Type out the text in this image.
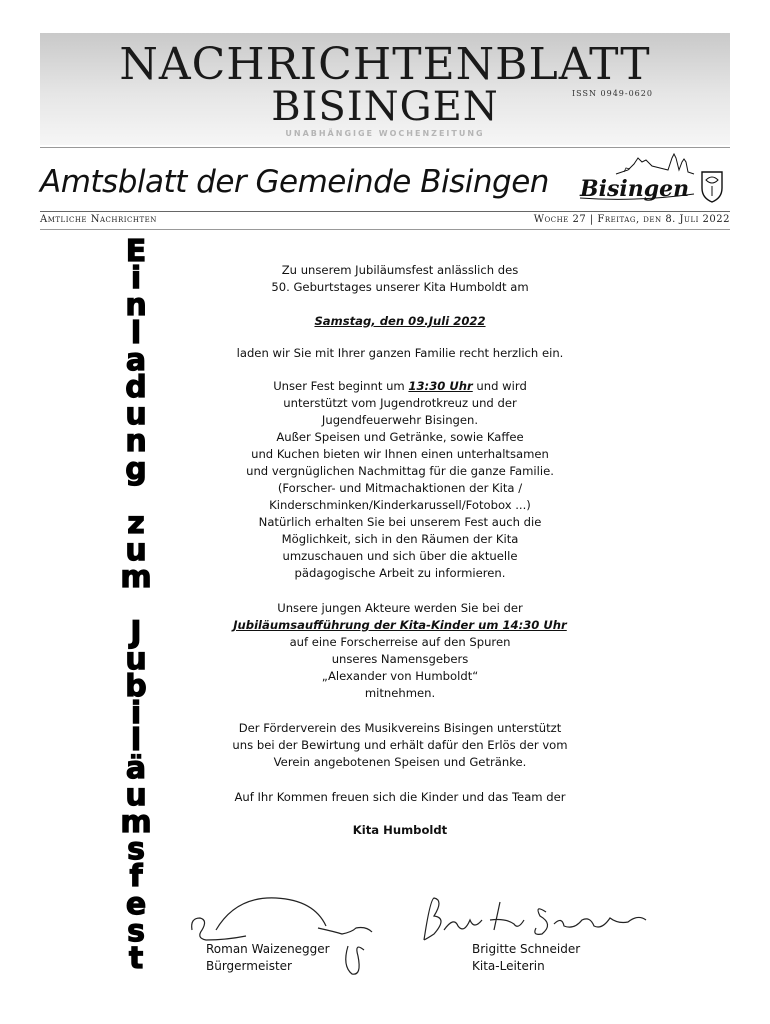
NACHRICHTENBLATT
BISINGEN	ISSN 0949-0620
UNABHÄNGIGE WOCHENZEITUNG
Amtsblatt der Gemeinde Bisingen Bisingen
Amtliche Nachrichten	Woche 27 | Freitag, den 8. Juli 2022
E
i
n
l
a
d
u
n
g
z
u
m
J
u
b
i
l
ä
u
m
s
f
e
s
t
Zu unserem Jubiläumsfest anlässlich des
50. Geburtstages unserer Kita Humboldt am
Samstag, den 09.Juli 2022
laden wir Sie mit Ihrer ganzen Familie recht herzlich ein.
Unser Fest beginnt um 13:30 Uhr und wird
unterstützt vom Jugendrotkreuz und der
Jugendfeuerwehr Bisingen.
Außer Speisen und Getränke, sowie Kaffee
und Kuchen bieten wir Ihnen einen unterhaltsamen
und vergnüglichen Nachmittag für die ganze Familie.
(Forscher- und Mitmachaktionen der Kita /
Kinderschminken/Kinderkarussell/Fotobox ...)
Natürlich erhalten Sie bei unserem Fest auch die
Möglichkeit, sich in den Räumen der Kita
umzuschauen und sich über die aktuelle
pädagogische Arbeit zu informieren.
Unsere jungen Akteure werden Sie bei der
Jubiläumsaufführung der Kita-Kinder um 14:30 Uhr
auf eine Forscherreise auf den Spuren
unseres Namensgebers
„Alexander von Humboldt“
mitnehmen.
Der Förderverein des Musikvereins Bisingen unterstützt
uns bei der Bewirtung und erhält dafür den Erlös der vom
Verein angebotenen Speisen und Getränke.
Auf Ihr Kommen freuen sich die Kinder und das Team der
Kita Humboldt
Roman Waizenegger
Bürgermeister
Brigitte Schneider
Kita-Leiterin
